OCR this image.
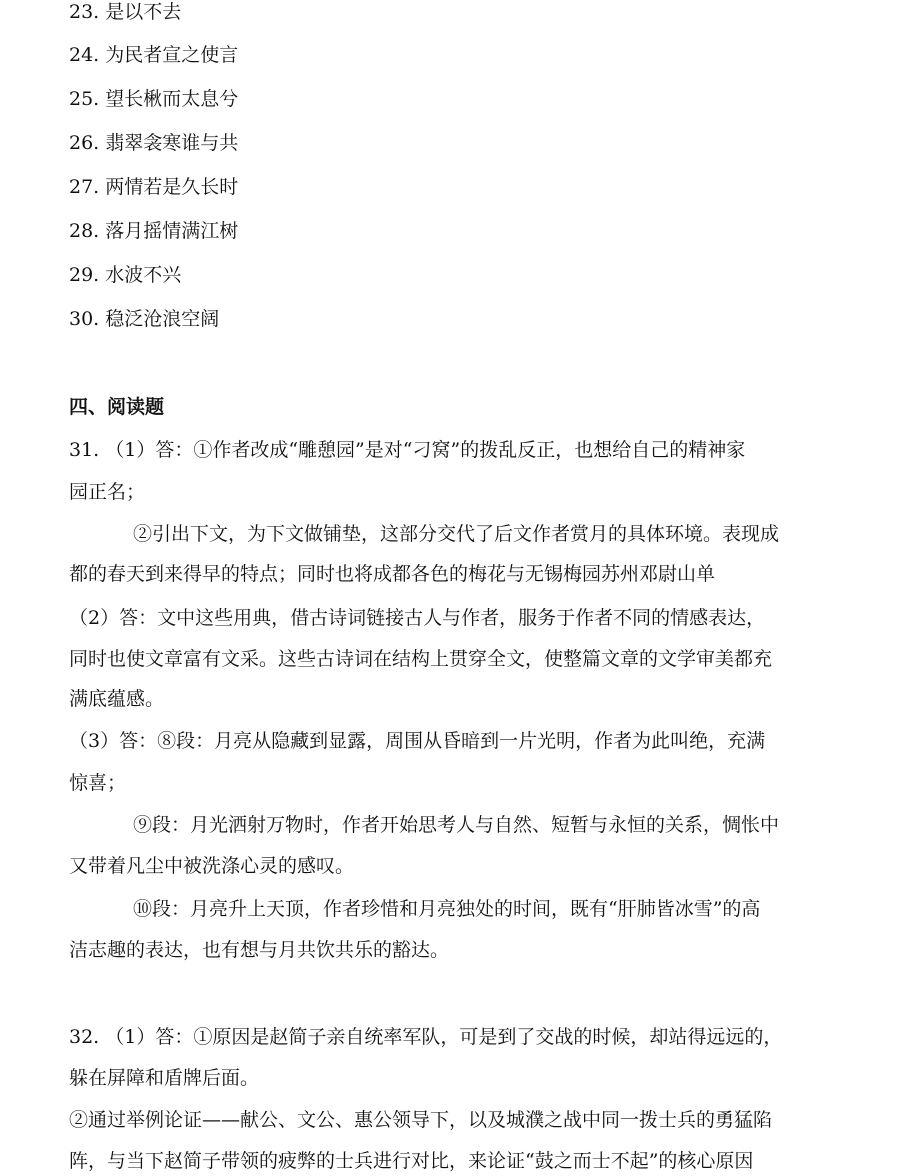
23. 是以不去
24. 为民者宣之使言
25. 望长楸而太息兮
26. 翡翠衾寒谁与共
27. 两情若是久长时
28. 落月摇情满江树
29. 水波不兴
30. 稳泛沧浪空阔
四、阅读题
31. （1）答：①作者改成“雕憩园”是对“刁窝”的拨乱反正，也想给自己的精神家
园正名；
②引出下文，为下文做铺垫，这部分交代了后文作者赏月的具体环境。表现成
都的春天到来得早的特点；同时也将成都各色的梅花与无锡梅园苏州邓尉山单
（2）答：文中这些用典，借古诗词链接古人与作者，服务于作者不同的情感表达，
同时也使文章富有文采。这些古诗词在结构上贯穿全文，使整篇文章的文学审美都充
满底蕴感。
（3）答：⑧段：月亮从隐藏到显露，周围从昏暗到一片光明，作者为此叫绝，充满
惊喜；
⑨段：月光洒射万物时，作者开始思考人与自然、短暂与永恒的关系，惆怅中
又带着凡尘中被洗涤心灵的感叹。
⑩段：月亮升上天顶，作者珍惜和月亮独处的时间，既有“肝肺皆冰雪”的高
洁志趣的表达，也有想与月共饮共乐的豁达。
32. （1）答：①原因是赵简子亲自统率军队，可是到了交战的时候，却站得远远的，
躲在屏障和盾牌后面。
②通过举例论证——献公、文公、惠公领导下，以及城濮之战中同一拨士兵的勇猛陷
阵，与当下赵简子带领的疲弊的士兵进行对比，来论证“鼓之而士不起”的核心原因
